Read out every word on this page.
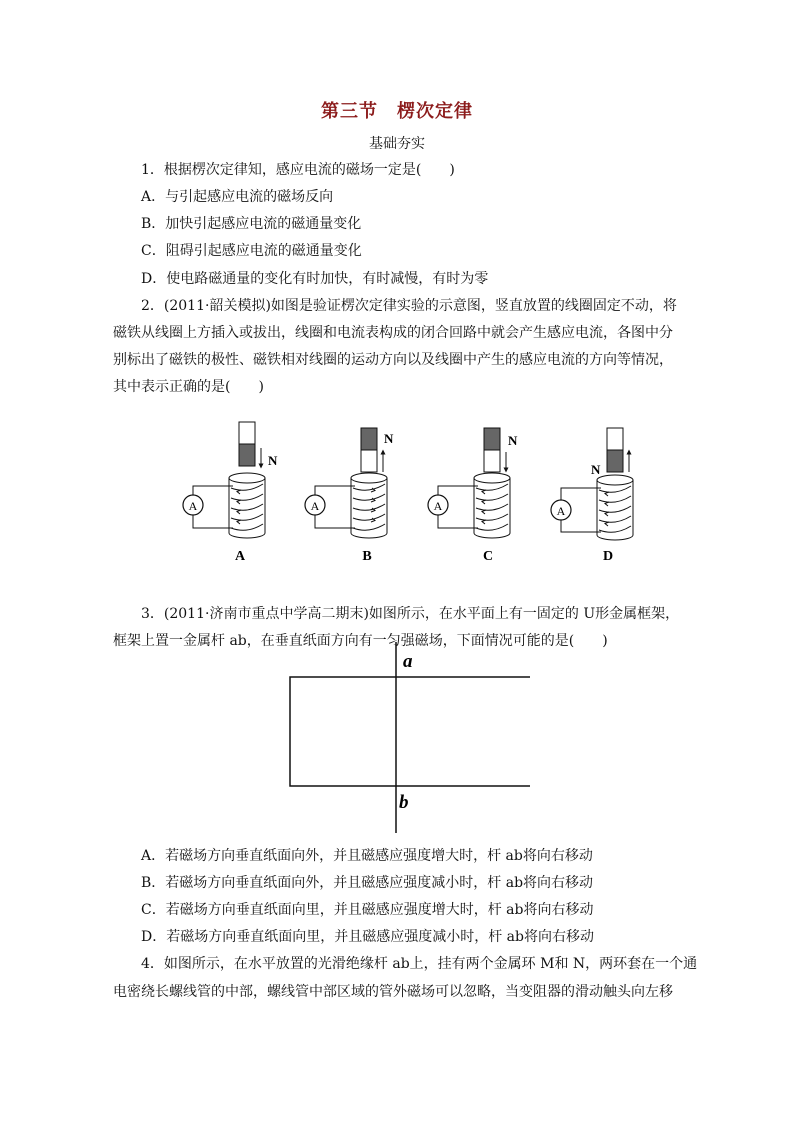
第三节　楞次定律
基础夯实
1．根据楞次定律知，感应电流的磁场一定是(　　)
A．与引起感应电流的磁场反向
B．加快引起感应电流的磁通量变化
C．阻碍引起感应电流的磁通量变化
D．使电路磁通量的变化有时加快，有时减慢，有时为零
2．(2011·韶关模拟)如图是验证楞次定律实验的示意图，竖直放置的线圈固定不动，将
磁铁从线圈上方插入或拔出，线圈和电流表构成的闭合回路中就会产生感应电流，各图中分
别标出了磁铁的极性、磁铁相对线圈的运动方向以及线圈中产生的感应电流的方向等情况，
其中表示正确的是(　　)
A
N
A
A
N
B
A
N
C
A
N
D
3．(2011·济南市重点中学高二期末)如图所示，在水平面上有一固定的 U形金属框架，
框架上置一金属杆 ab，在垂直纸面方向有一匀强磁场，下面情况可能的是(　　)
a
b
A．若磁场方向垂直纸面向外，并且磁感应强度增大时，杆 ab将向右移动
B．若磁场方向垂直纸面向外，并且磁感应强度减小时，杆 ab将向右移动
C．若磁场方向垂直纸面向里，并且磁感应强度增大时，杆 ab将向右移动
D．若磁场方向垂直纸面向里，并且磁感应强度减小时，杆 ab将向右移动
4．如图所示，在水平放置的光滑绝缘杆 ab上，挂有两个金属环 M和 N，两环套在一个通
电密绕长螺线管的中部，螺线管中部区域的管外磁场可以忽略，当变阻器的滑动触头向左移
